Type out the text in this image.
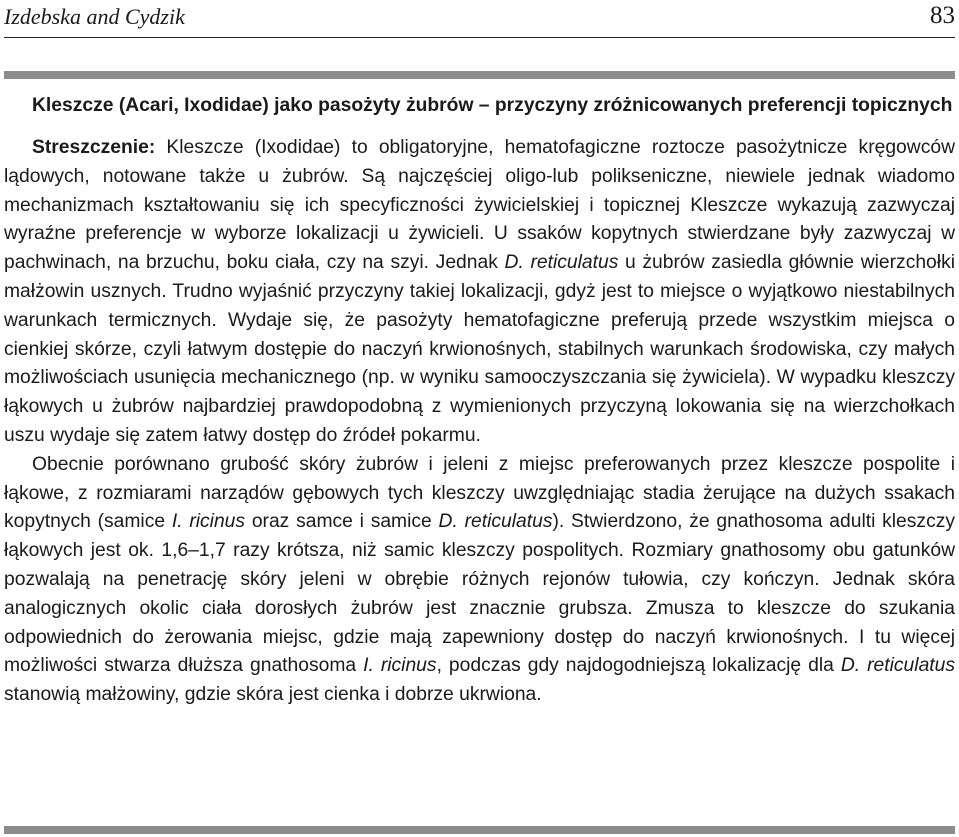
Izdebska and Cydzik	83
Kleszcze (Acari, Ixodidae) jako pasożyty żubrów – przyczyny zróżnicowanych preferencji topicznych

Streszczenie: Kleszcze (Ixodidae) to obligatoryjne, hematofagiczne roztocze pasożytnicze kręgowców lądowych, notowane także u żubrów. Są najczęściej oligo-lub polikseniczne, niewiele jednak wiadomo mechanizmach kształtowaniu się ich specyficzności żywicielskiej i topicznej Kleszcze wykazują zazwyczaj wyraźne preferencje w wyborze lokalizacji u żywicieli. U ssaków kopytnych stwierdzane były zazwyczaj w pachwinach, na brzuchu, boku ciała, czy na szyi. Jednak D. reticulatus u żubrów zasiedla głównie wierzchołki małżowin usznych. Trudno wyjaśnić przyczyny takiej lokalizacji, gdyż jest to miejsce o wyjątkowo niestabilnych warunkach termicznych. Wydaje się, że pasożyty hematofagiczne preferują przede wszystkim miejsca o cienkiej skórze, czyli łatwym dostępie do naczyń krwionośnych, stabilnych warunkach środowiska, czy małych możliwościach usunięcia mechanicznego (np. w wyniku samooczyszczania się żywiciela). W wypadku kleszczy łąkowych u żubrów najbardziej prawdopodobną z wymienionych przyczyną lokowania się na wierzchołkach uszu wydaje się zatem łatwy dostęp do źródeł pokarmu.

Obecnie porównano grubość skóry żubrów i jeleni z miejsc preferowanych przez kleszcze pospolite i łąkowe, z rozmiarami narządów gębowych tych kleszczy uwzględniając stadia żerujące na dużych ssakach kopytnych (samice I. ricinus oraz samce i samice D. reticulatus). Stwierdzono, że gnathosoma adulti kleszczy łąkowych jest ok. 1,6–1,7 razy krótsza, niż samic kleszczy pospolitych. Rozmiary gnathosomy obu gatunków pozwalają na penetrację skóry jeleni w obrębie różnych rejonów tułowia, czy kończyn. Jednak skóra analogicznych okolic ciała dorosłych żubrów jest znacznie grubsza. Zmusza to kleszcze do szukania odpowiednich do żerowania miejsc, gdzie mają zapewniony dostęp do naczyń krwionośnych. I tu więcej możliwości stwarza dłuższa gnathosoma I. ricinus, podczas gdy najdogodniejszą lokalizację dla D. reticulatus stanowią małżowiny, gdzie skóra jest cienka i dobrze ukrwiona.
